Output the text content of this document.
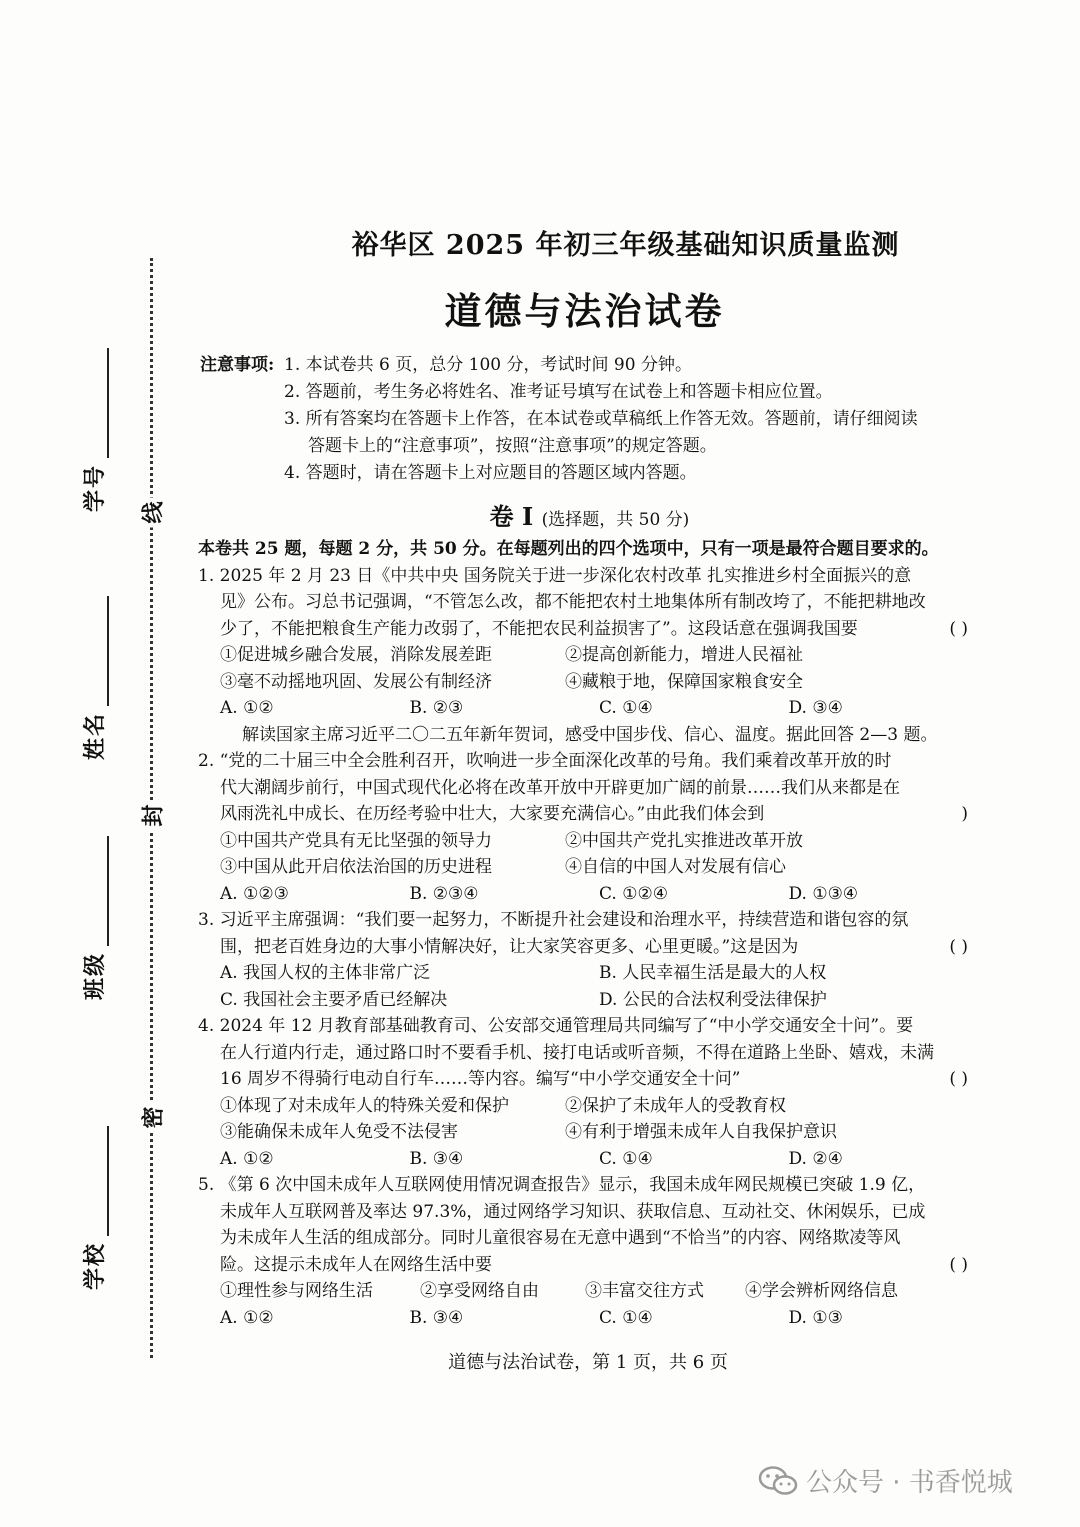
线
封
密
学号
姓名
班级
学校
裕华区 2025 年初三年级基础知识质量监测
道德与法治试卷
注意事项: 1. 本试卷共 6 页，总分 100 分，考试时间 90 分钟。
2. 答题前，考生务必将姓名、准考证号填写在试卷上和答题卡相应位置。
3. 所有答案均在答题卡上作答，在本试卷或草稿纸上作答无效。答题前，请仔细阅读
答题卡上的“注意事项”，按照“注意事项”的规定答题。
4. 答题时，请在答题卡上对应题目的答题区域内答题。
卷 Ⅰ (选择题，共 50 分)
本卷共 25 题，每题 2 分，共 50 分。在每题列出的四个选项中，只有一项是最符合题目要求的。
1. 2025 年 2 月 23 日《中共中央 国务院关于进一步深化农村改革 扎实推进乡村全面振兴的意
见》公布。习总书记强调，“不管怎么改，都不能把农村土地集体所有制改垮了，不能把耕地改
少了，不能把粮食生产能力改弱了，不能把农民利益损害了”。这段话意在强调我国要	( )
①促进城乡融合发展，消除发展差距	②提高创新能力，增进人民福祉
③毫不动摇地巩固、发展公有制经济	④藏粮于地，保障国家粮食安全
A. ①②	B. ②③	C. ①④	D. ③④
解读国家主席习近平二〇二五年新年贺词，感受中国步伐、信心、温度。据此回答 2—3 题。
2. “党的二十届三中全会胜利召开，吹响进一步全面深化改革的号角。我们乘着改革开放的时
代大潮阔步前行，中国式现代化必将在改革开放中开辟更加广阔的前景……我们从来都是在
风雨洗礼中成长、在历经考验中壮大，大家要充满信心。”由此我们体会到	)
①中国共产党具有无比坚强的领导力	②中国共产党扎实推进改革开放
③中国从此开启依法治国的历史进程	④自信的中国人对发展有信心
A. ①②③	B. ②③④	C. ①②④	D. ①③④
3. 习近平主席强调：“我们要一起努力，不断提升社会建设和治理水平，持续营造和谐包容的氛
围，把老百姓身边的大事小情解决好，让大家笑容更多、心里更暖。”这是因为	( )
A. 我国人权的主体非常广泛	B. 人民幸福生活是最大的人权
C. 我国社会主要矛盾已经解决	D. 公民的合法权利受法律保护
4. 2024 年 12 月教育部基础教育司、公安部交通管理局共同编写了“中小学交通安全十问”。要
在人行道内行走，通过路口时不要看手机、接打电话或听音频，不得在道路上坐卧、嬉戏，未满
16 周岁不得骑行电动自行车……等内容。编写“中小学交通安全十问”	( )
①体现了对未成年人的特殊关爱和保护	②保护了未成年人的受教育权
③能确保未成年人免受不法侵害	④有利于增强未成年人自我保护意识
A. ①②	B. ③④	C. ①④	D. ②④
5. 《第 6 次中国未成年人互联网使用情况调查报告》显示，我国未成年网民规模已突破 1.9 亿，
未成年人互联网普及率达 97.3%，通过网络学习知识、获取信息、互动社交、休闲娱乐，已成
为未成年人生活的组成部分。同时儿童很容易在无意中遇到“不恰当”的内容、网络欺凌等风
险。这提示未成年人在网络生活中要	( )
①理性参与网络生活	②享受网络自由	③丰富交往方式	④学会辨析网络信息
A. ①②	B. ③④	C. ①④	D. ①③
道德与法治试卷，第 1 页，共 6 页
公众号 · 书香悦城
